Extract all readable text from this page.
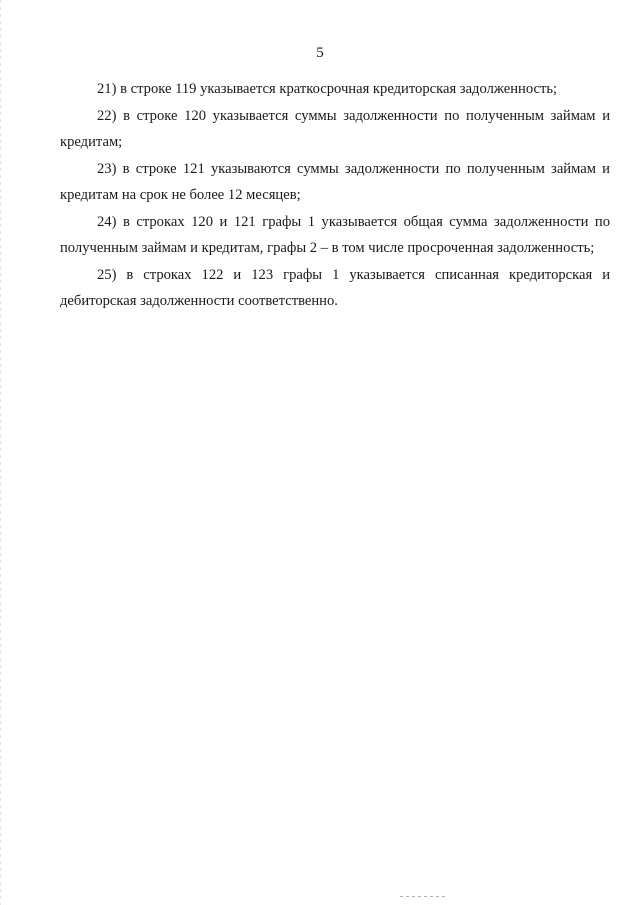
5

21) в строке 119 указывается краткосрочная кредиторская задолженность;

22) в строке 120 указывается суммы задолженности по полученным займам и
кредитам;

23) в строке 121 указываются суммы задолженности по полученным займам и
кредитам на срок не более 12 месяцев;

24) в строках 120 и 121 графы 1 указывается общая сумма задолженности по
полученным займам и кредитам, графы 2 – в том числе просроченная задолженность;

25) в строках 122 и 123 графы 1 указывается списанная кредиторская и
дебиторская задолженности соответственно.
